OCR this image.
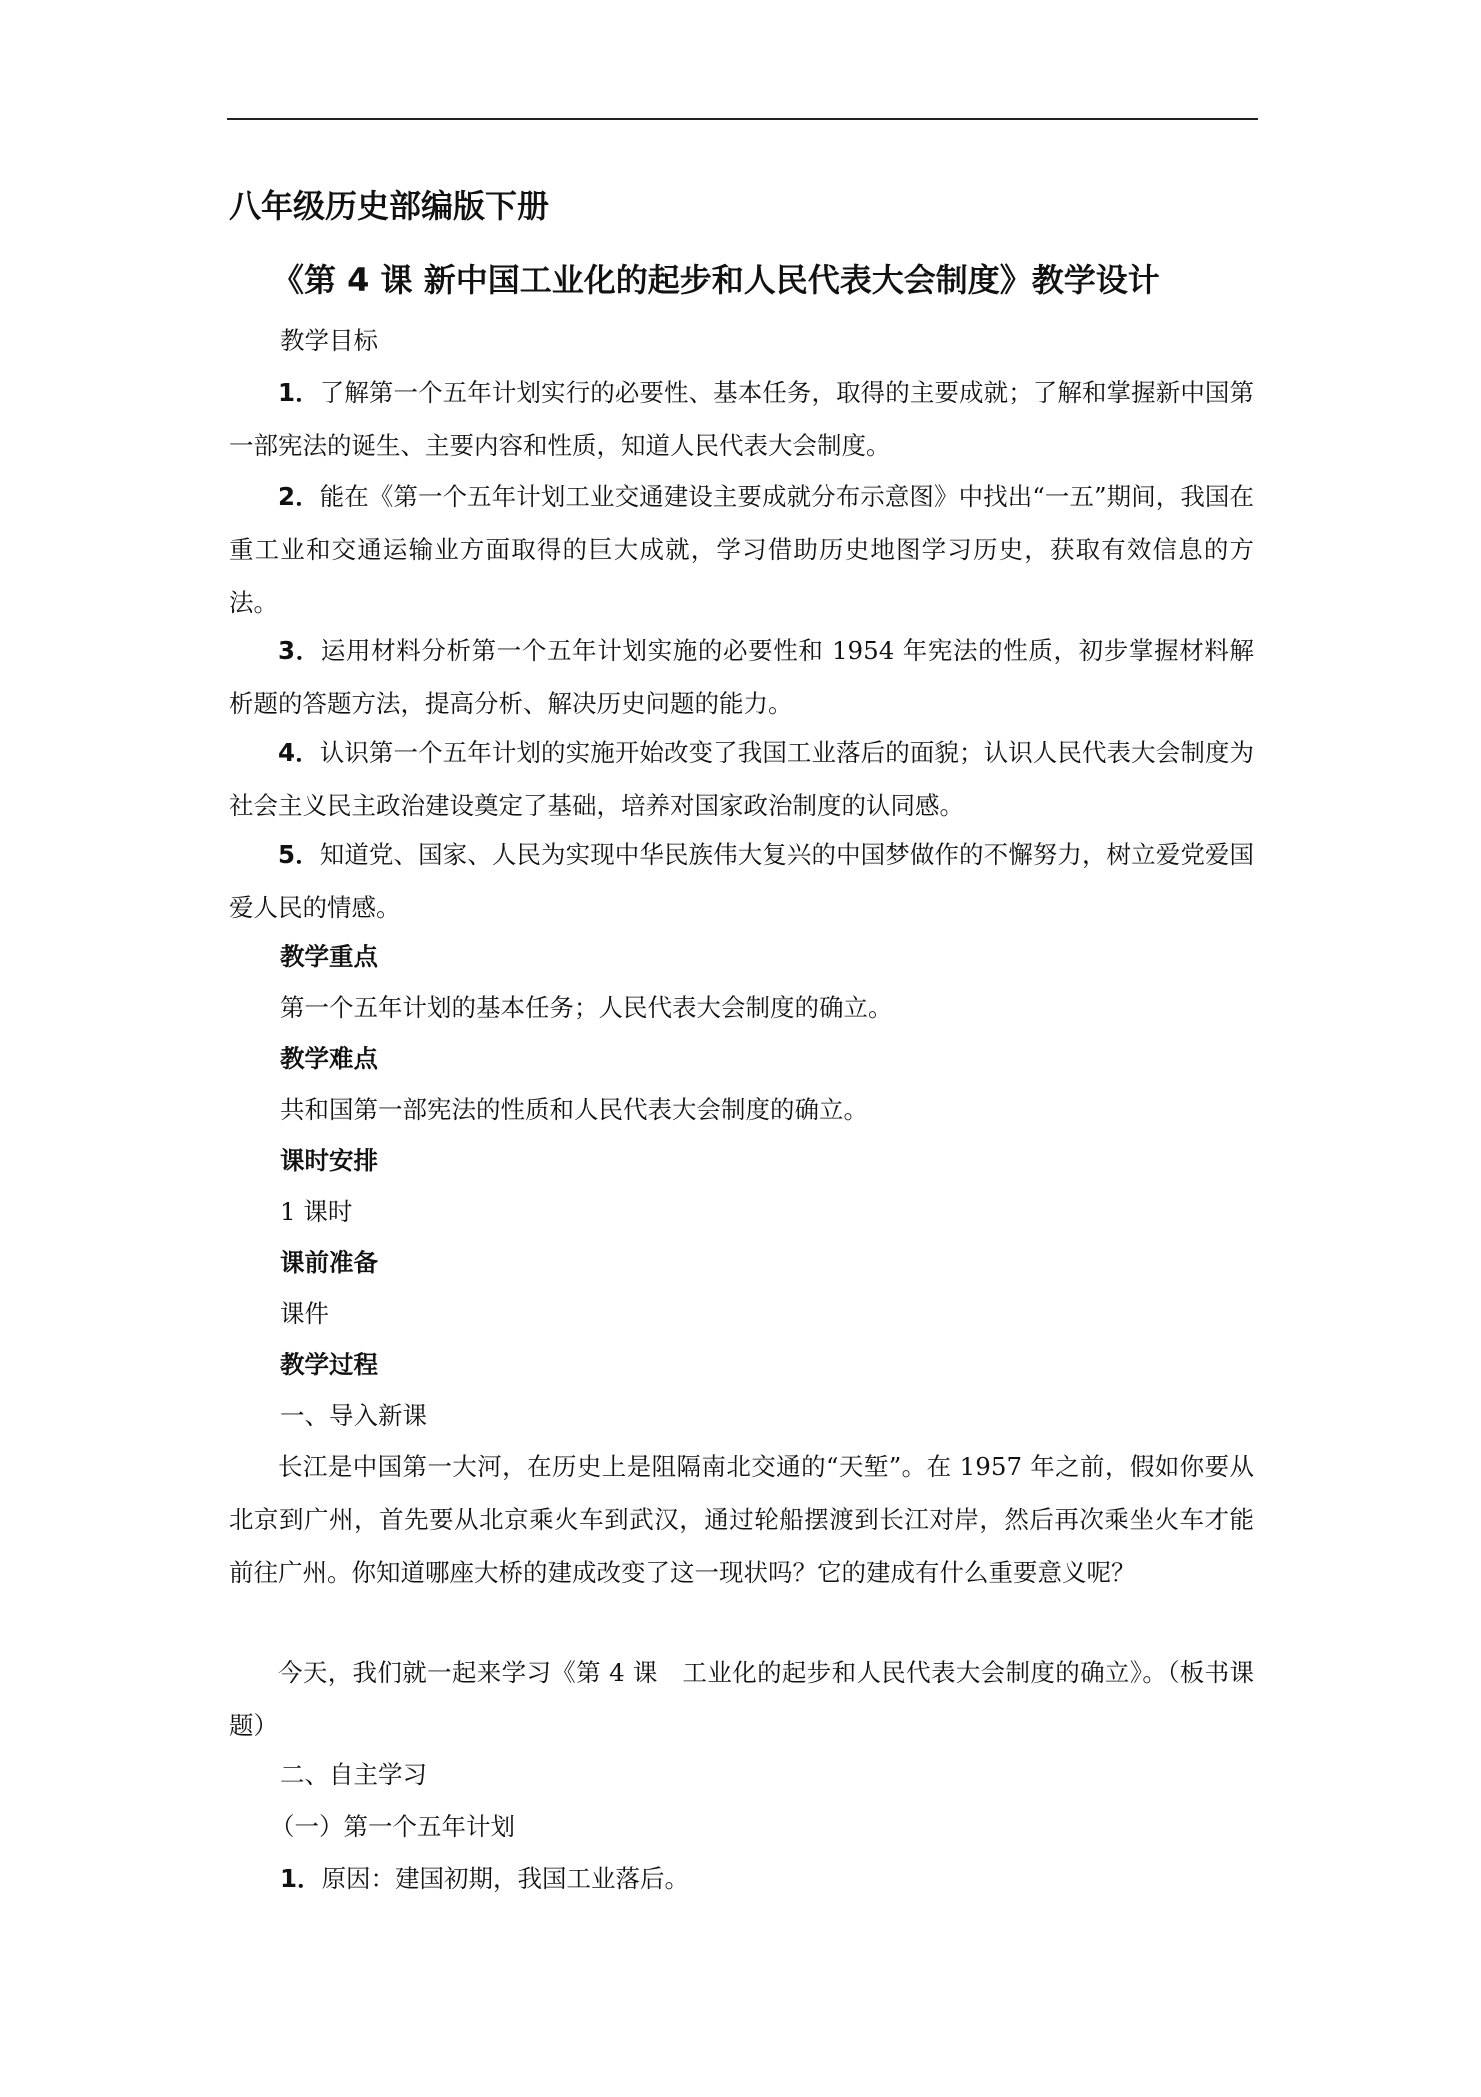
八年级历史部编版下册
《第 4 课 新中国工业化的起步和人民代表大会制度》教学设计

教学目标

1．了解第一个五年计划实行的必要性、基本任务，取得的主要成就；了解和掌握新中国第一部宪法的诞生、主要内容和性质，知道人民代表大会制度。

2．能在《第一个五年计划工业交通建设主要成就分布示意图》中找出“一五”期间，我国在重工业和交通运输业方面取得的巨大成就，学习借助历史地图学习历史，获取有效信息的方法。

3．运用材料分析第一个五年计划实施的必要性和 1954 年宪法的性质，初步掌握材料解析题的答题方法，提高分析、解决历史问题的能力。

4．认识第一个五年计划的实施开始改变了我国工业落后的面貌；认识人民代表大会制度为社会主义民主政治建设奠定了基础，培养对国家政治制度的认同感。

5．知道党、国家、人民为实现中华民族伟大复兴的中国梦做作的不懈努力，树立爱党爱国爱人民的情感。

教学重点

第一个五年计划的基本任务；人民代表大会制度的确立。

教学难点

共和国第一部宪法的性质和人民代表大会制度的确立。

课时安排

1 课时

课前准备

课件

教学过程

一、导入新课

长江是中国第一大河，在历史上是阻隔南北交通的“天堑”。在 1957 年之前，假如你要从北京到广州，首先要从北京乘火车到武汉，通过轮船摆渡到长江对岸，然后再次乘坐火车才能前往广州。你知道哪座大桥的建成改变了这一现状吗？它的建成有什么重要意义呢？

今天，我们就一起来学习《第 4 课　工业化的起步和人民代表大会制度的确立》。（板书课题）

二、自主学习

（一）第一个五年计划

1．原因：建国初期，我国工业落后。
